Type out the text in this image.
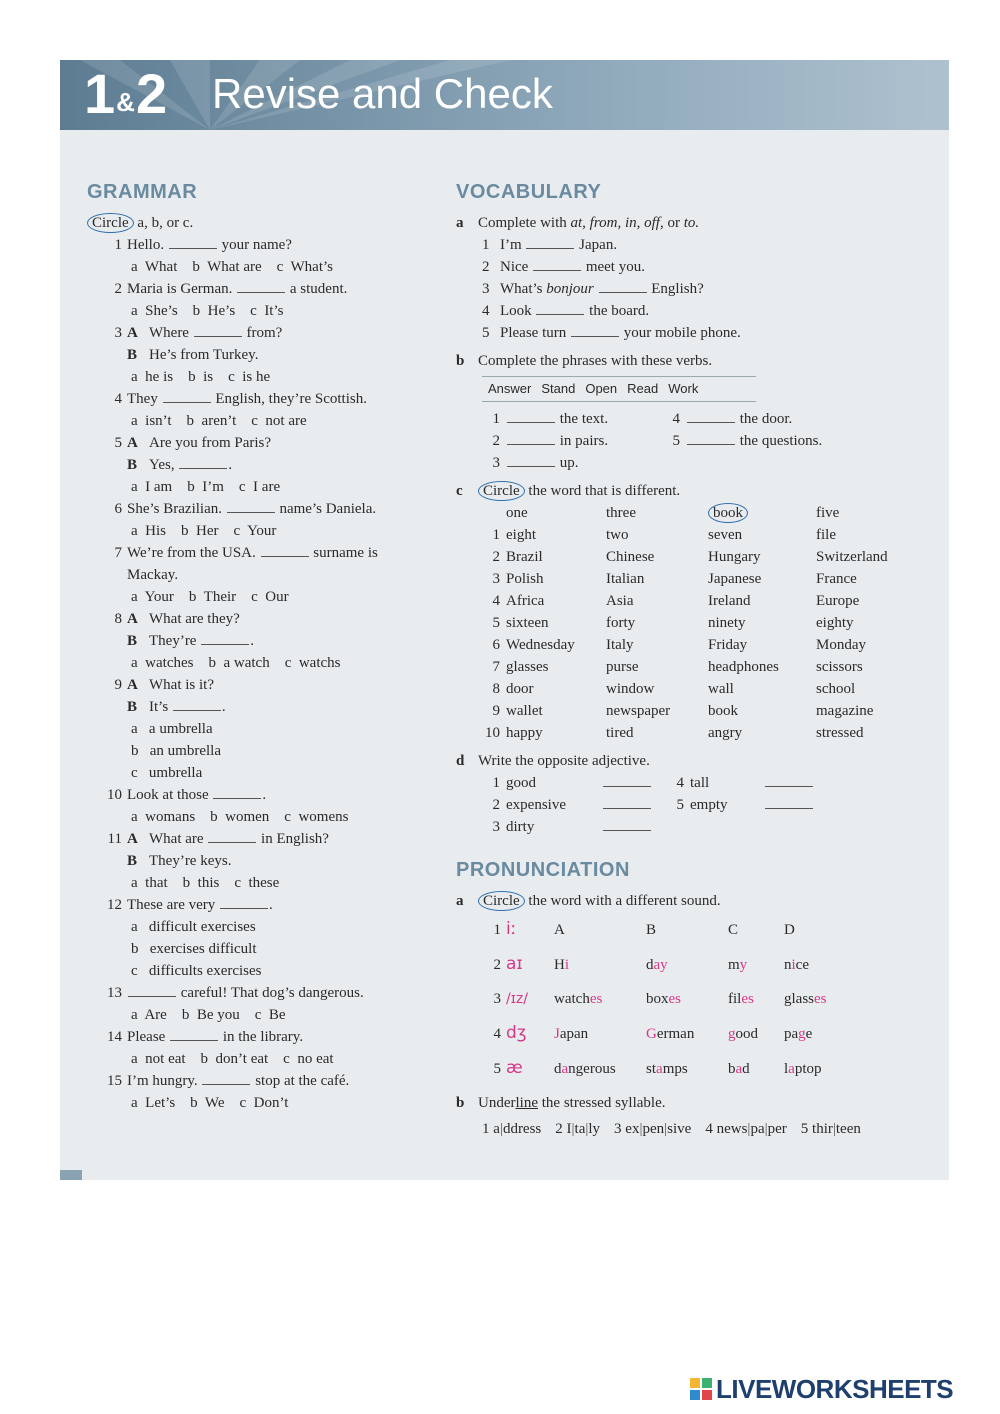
1&2 Revise and Check
GRAMMAR
Circle a, b, or c.
1 Hello.	your name?
a  What    b  What are    c  What’s
2 Maria is German.	a student.
a  She’s    b  He’s    c  It’s
3 A Where	from?
B He’s from Turkey.
a  he is    b  is    c  is he
4 They	English, they’re Scottish.
a  isn’t    b  aren’t    c  not are
5 A Are you from Paris?
B Yes,	.
a  I am    b  I’m    c  I are
6 She’s Brazilian.	name’s Daniela.
a  His    b  Her    c  Your
7 We’re from the USA.	surname is
Mackay.
a  Your    b  Their    c  Our
8 A What are they?
B They’re	.
a  watches    b  a watch    c  watchs
9 A What is it?
B It’s	.
a   a umbrella
b   an umbrella
c   umbrella
10 Look at those	.
a  womans    b  women    c  womens
11 A What are	in English?
B They’re keys.
a  that    b  this    c  these
12 These are very	.
a   difficult exercises
b   exercises difficult
c   difficults exercises
13	careful! That dog’s dangerous.
a  Are    b  Be you    c  Be
14 Please	in the library.
a  not eat    b  don’t eat    c  no eat
15 I’m hungry.	stop at the café.
a  Let’s    b  We    c  Don’t
VOCABULARY
a Complete with at, from, in, off, or to.
1 I’m	Japan.
2 Nice	meet you.
3 What’s bonjour	English?
4 Look	the board.
5 Please turn	your mobile phone.
b Complete the phrases with these verbs.
Answer Stand Open Read Work
1	the text.	4	the door.
2	in pairs.	5	the questions.
3	up.		
c Circle the word that is different.
	one	three	book	five
1	eight	two	seven	file
2	Brazil	Chinese	Hungary	Switzerland
3	Polish	Italian	Japanese	France
4	Africa	Asia	Ireland	Europe
5	sixteen	forty	ninety	eighty
6	Wednesday	Italy	Friday	Monday
7	glasses	purse	headphones	scissors
8	door	window	wall	school
9	wallet	newspaper	book	magazine
10	happy	tired	angry	stressed
d Write the opposite adjective.
1	good		4	tall	
2	expensive		5	empty	
3	dirty				
PRONUNCIATION
a Circle the word with a different sound.
1	iː	A	B	C	D
2	aɪ	Hi	day	my	nice
3	/ɪz/	watches	boxes	files	glasses
4	dʒ	Japan	German	good	page
5	æ	dangerous	stamps	bad	laptop
b Underline the stressed syllable.
1 a|ddress 2 I|ta|ly 3 ex|pen|sive 4 news|pa|per 5 thir|teen
LIVEWORKSHEETS
